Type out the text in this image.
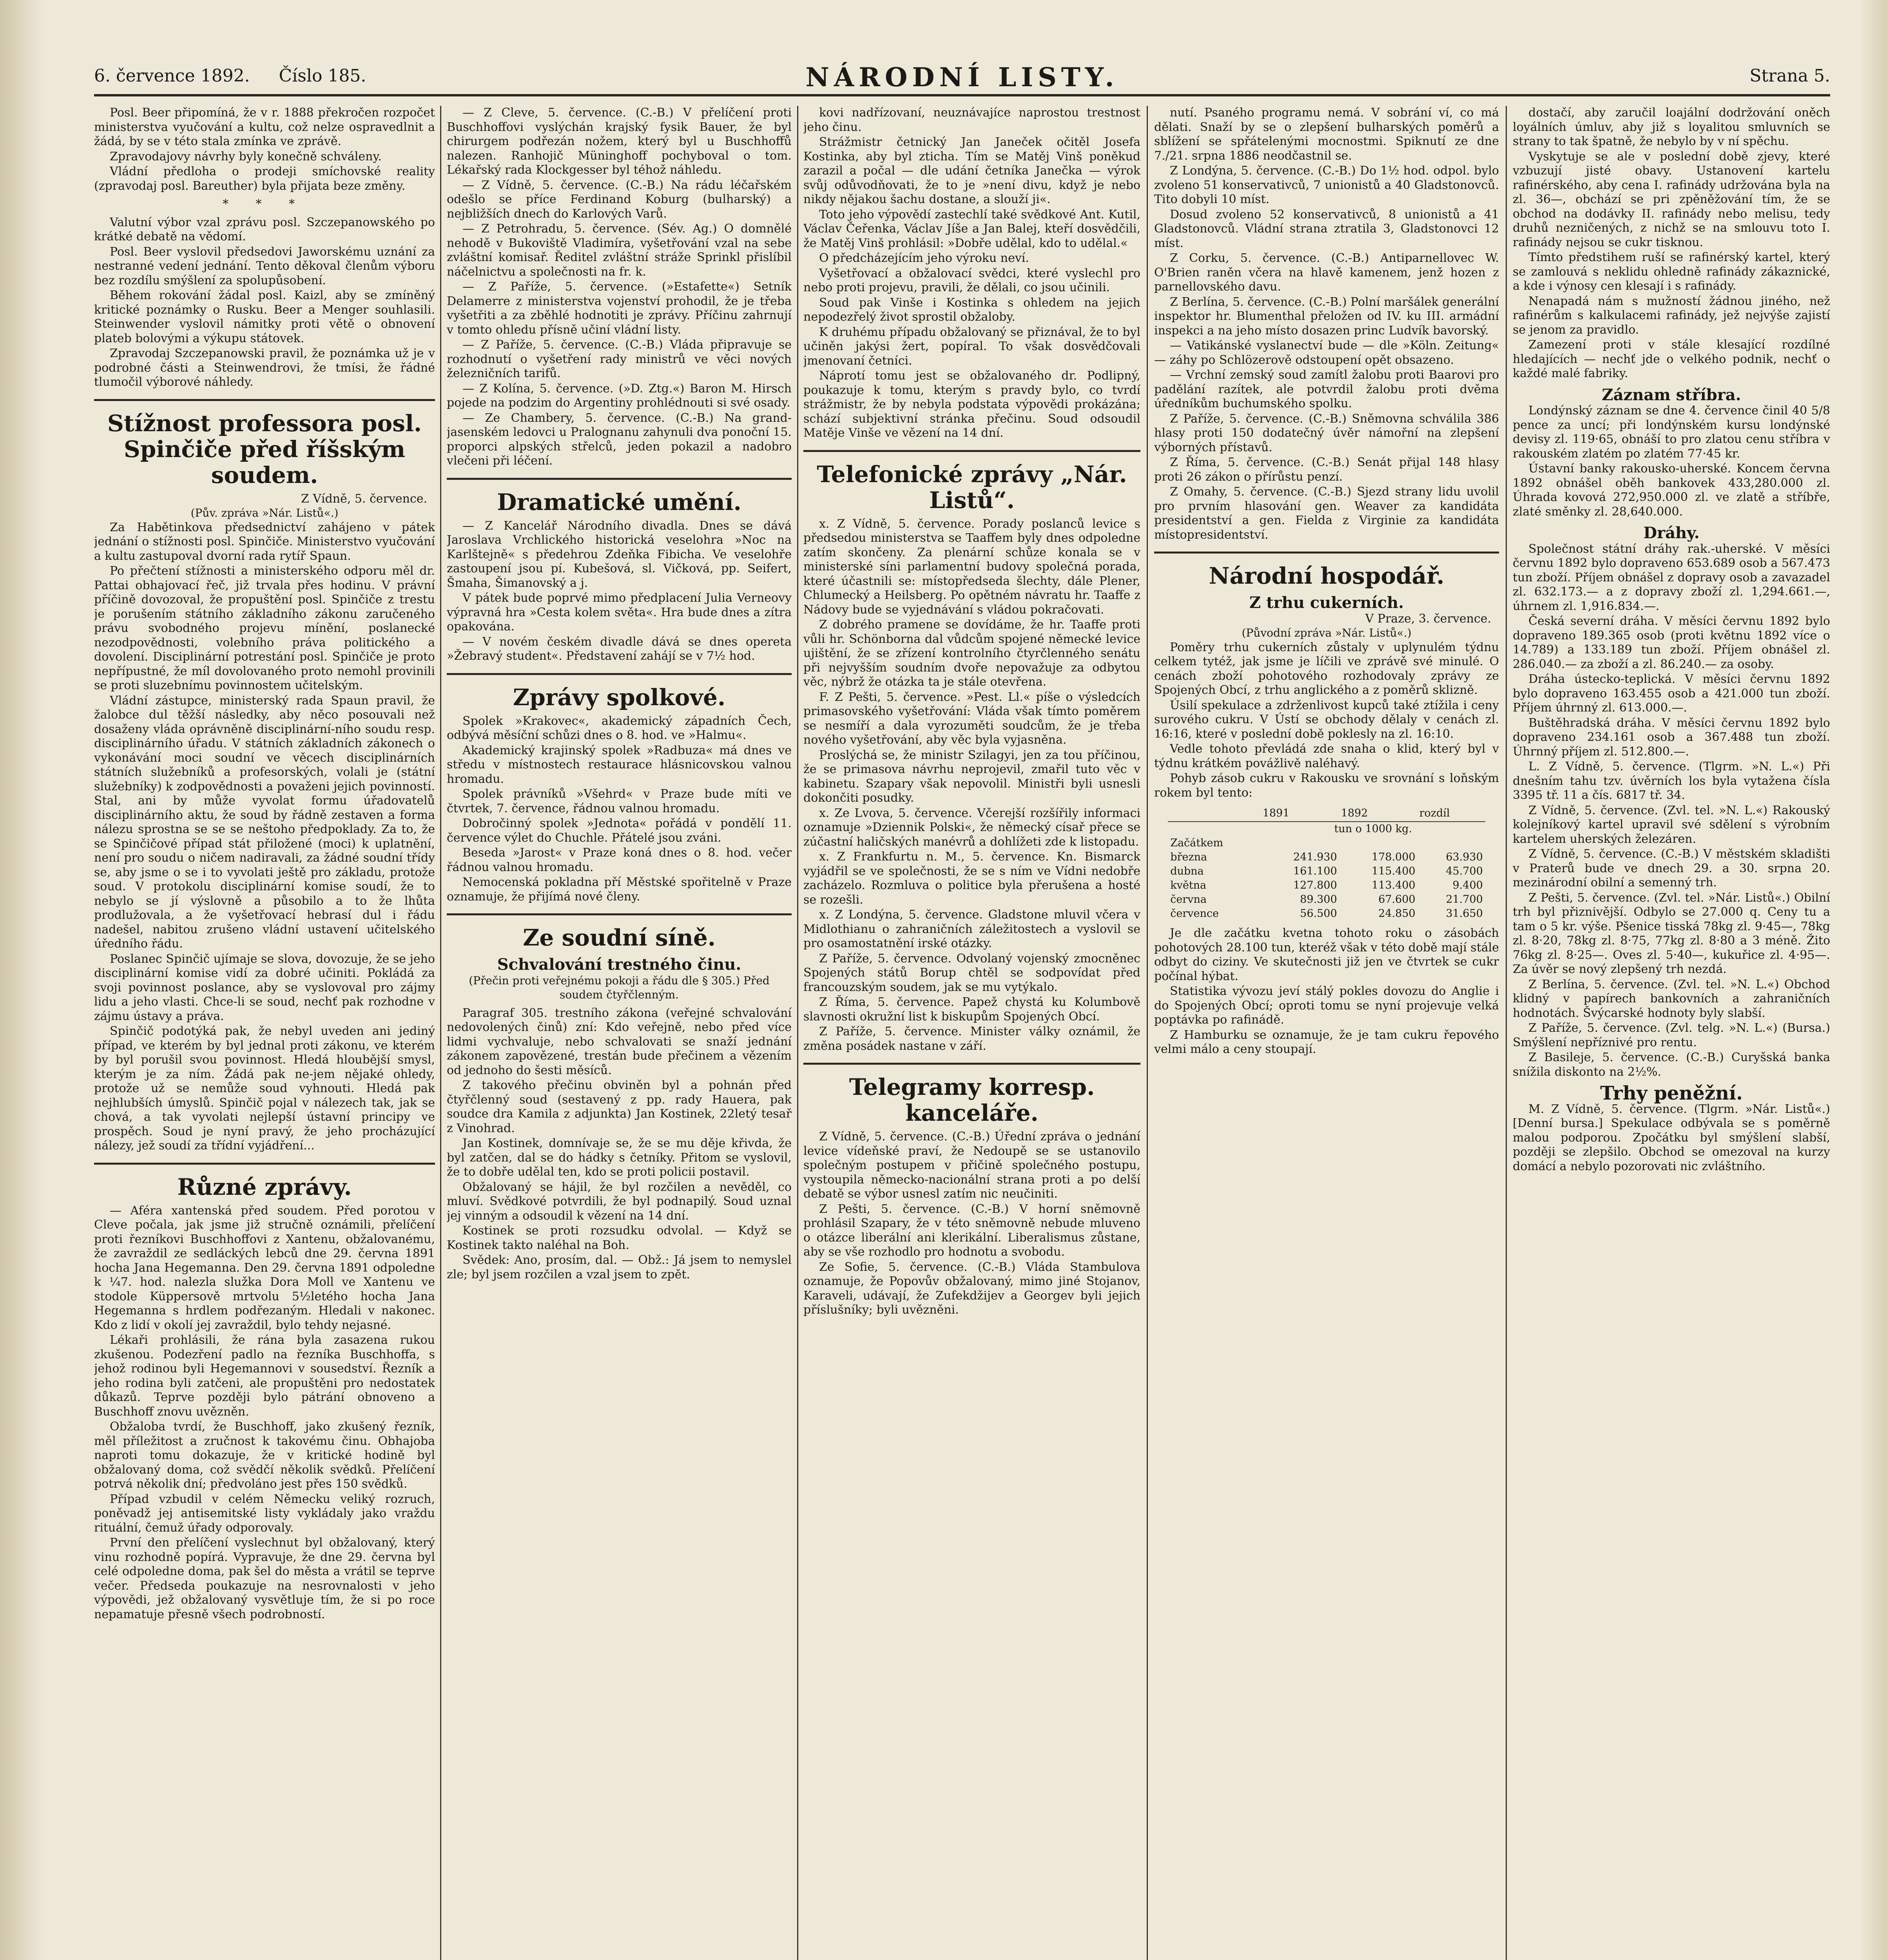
6. července 1892. Číslo 185.	NÁRODNÍ LISTY.	Strana 5.

Posl. Beer připomíná, že v r. 1888 překročen rozpočet ministerstva vyučování a kultu, což nelze ospravedlnit a žádá, by se v této stala zmínka ve zprávě.

Zpravodajovy návrhy byly konečně schváleny.

Vládní předloha o prodeji smíchovské reality (zpravodaj posl. Bareuther) byla přijata beze změny.

* * *

Valutní výbor vzal zprávu posl. Szczepanowského po krátké debatě na vědomí.

Posl. Beer vyslovil předsedovi Jaworskému uznání za nestranné vedení jednání. Tento děkoval členům výboru bez rozdílu smýšlení za spolupůsobení.

Během rokování žádal posl. Kaizl, aby se zmíněný kritické poznámky o Rusku. Beer a Menger souhlasili. Steinwender vyslovil námitky proti větě o obnovení plateb bolovými a výkupu státovek.

Zpravodaj Szczepanowski pravil, že poznámka už je v podrobné části a Steinwendrovi, že tmísi, že řádné tlumočil výborové náhledy.

Stížnost professora posl. Spinčiče před říšským soudem.
Z Vídně, 5. července.
(Pův. zpráva »Nár. Listů«.)

Za Habětinkova předsednictví zahájeno v pátek jednání o stížnosti posl. Spinčiče. Ministerstvo vyučování a kultu zastupoval dvorní rada rytíř Spaun.

Po přečtení stížnosti a ministerského odporu měl dr. Pattai obhajovací řeč, již trvala přes hodinu. V právní příčině dovozoval, že propuštění posl. Spinčiče z trestu je porušením státního základního zákonu zaručeného právu svobodného projevu mínění, poslanecké nezodpovědnosti, volebního práva politického a dovolení. Disciplinární potrestání posl. Spinčiče je proto nepřípustné, že míl dovolovaného proto nemohl provinili se proti sluzebnímu povinnostem učitelským.

Vládní zástupce, ministerský rada Spaun pravil, že žalobce dul těžší následky, aby něco posouvali než dosaženy vláda oprávněně disciplinární-ního soudu resp. disciplinárního úřadu. V státních základních zákonech o vykonávání moci soudní ve věcech disciplinárních státních služebníků a profesorských, volali je (státní služebníky) k zodpovědnosti a považeni jejich povinností. Stal, ani by může vyvolat formu úřadovatelů disciplinárního aktu, že soud by řádně zestaven a forma nálezu sprostna se se se neštoho předpoklady. Za to, že se Spinčičové případ stát přiložené (moci) k uplatnění, není pro soudu o ničem nadiravali, za žádné soudní třídy se, aby jsme o se i to vyvolati ještě pro základu, protože soud. V protokolu disciplinární komise soudí, že to nebylo se jí výslovně a působilo a to že lhůta prodlužovala, a že vyšetřovací hebrasí dul i řádu nadešel, nabitou zrušeno vládní ustavení učitelského úředního řádu.

Poslanec Spinčič ujímaje se slova, dovozuje, že se jeho disciplinární komise vidí za dobré učiniti. Pokládá za svoji povinnost poslance, aby se vyslovoval pro zájmy lidu a jeho vlasti. Chce-li se soud, nechť pak rozhodne v zájmu ústavy a práva.

Spinčič podotýká pak, že nebyl uveden ani jediný případ, ve kterém by byl jednal proti zákonu, ve kterém by byl porušil svou povinnost. Hledá hloubější smysl, kterým je za ním. Žádá pak ne-jem nějaké ohledy, protože už se nemůže soud vyhnouti. Hledá pak nejhlubších úmyslů. Spinčič pojal v nálezech tak, jak se chová, a tak vyvolati nejlepší ústavní principy ve prospěch. Soud je nyní pravý, že jeho procházující nálezy, jež soudí za třídní vyjádření...

Různé zprávy.

— Aféra xantenská před soudem. Před porotou v Cleve počala, jak jsme již stručně oznámili, přelíčení proti řezníkovi Buschhoffovi z Xantenu, obžalovanému, že zavraždil ze sedláckých lebců dne 29. června 1891 hocha Jana Hegemanna. Den 29. června 1891 odpoledne k ¼7. hod. nalezla služka Dora Moll ve Xantenu ve stodole Küppersově mrtvolu 5½letého hocha Jana Hegemanna s hrdlem podřezaným. Hledali v nakonec. Kdo z lidí v okolí jej zavraždil, bylo tehdy nejasné.

Lékaři prohlásili, že rána byla zasazena rukou zkušenou. Podezření padlo na řezníka Buschhoffa, s jehož rodinou byli Hegemannovi v sousedství. Řezník a jeho rodina byli zatčeni, ale propuštěni pro nedostatek důkazů. Teprve později bylo pátrání obnoveno a Buschhoff znovu uvězněn.

Obžaloba tvrdí, že Buschhoff, jako zkušený řezník, měl příležitost a zručnost k takovému činu. Obhajoba naproti tomu dokazuje, že v kritické hodině byl obžalovaný doma, což svědčí několik svědků. Přelíčení potrvá několik dní; předvoláno jest přes 150 svědků.

Případ vzbudil v celém Německu veliký rozruch, poněvadž jej antisemitské listy vykládaly jako vraždu rituální, čemuž úřady odporovaly.

První den přelíčení vyslechnut byl obžalovaný, který vinu rozhodně popírá. Vypravuje, že dne 29. června byl celé odpoledne doma, pak šel do města a vrátil se teprve večer. Předseda poukazuje na nesrovnalosti v jeho výpovědi, jež obžalovaný vysvětluje tím, že si po roce nepamatuje přesně všech podrobností.

— Z Cleve, 5. července. (C.-B.) V přelíčení proti Buschhoffovi vyslýchán krajský fysik Bauer, že byl chirurgem podřezán nožem, který byl u Buschhoffů nalezen. Ranhojič Müninghoff pochyboval o tom. Lékařský rada Klockgesser byl téhož náhledu.

— Z Vídně, 5. července. (C.-B.) Na rádu léčařském odešlo se příce Ferdinand Koburg (bulharský) a nejbližších dnech do Karlových Varů.

— Z Petrohradu, 5. července. (Sév. Ag.) O domnělé nehodě v Bukoviště Vladimíra, vyšetřování vzal na sebe zvláštní komisař. Ředitel zvláštní stráže Sprinkl přislíbil náčelnictvu a společnosti na fr. k.

— Z Paříže, 5. července. (»Estafette«) Setník Delamerre z ministerstva vojenství prohodil, že je třeba vyšetřiti a za zběhlé hodnotiti je zprávy. Příčinu zahrnují v tomto ohledu přísně učiní vládní listy.

— Z Paříže, 5. července. (C.-B.) Vláda připravuje se rozhodnutí o vyšetření rady ministrů ve věci nových železničních tarifů.

— Z Kolína, 5. července. (»D. Ztg.«) Baron M. Hirsch pojede na podzim do Argentiny prohlédnouti si své osady.

— Ze Chambery, 5. července. (C.-B.) Na grand-jasenském ledovci u Pralognanu zahynuli dva ponoční 15. proporci alpských střelců, jeden pokazil a nadobro vlečeni při léčení.

Dramatické umění.

— Z Kancelář Národního divadla. Dnes se dává Jaroslava Vrchlického historická veselohra »Noc na Karlštejně« s předehrou Zdeňka Fibicha. Ve veselohře zastoupení jsou pí. Kubešová, sl. Vičková, pp. Seifert, Šmaha, Šimanovský a j.

V pátek bude poprvé mimo předplacení Julia Verneovy výpravná hra »Cesta kolem světa«. Hra bude dnes a zítra opakována.

— V novém českém divadle dává se dnes opereta »Žebravý student«. Představení zahájí se v 7½ hod.

Zprávy spolkové.

Spolek »Krakovec«, akademický západních Čech, odbývá měsíční schůzi dnes o 8. hod. ve »Halmu«.

Akademický krajinský spolek »Radbuza« má dnes ve středu v místnostech restaurace hlásnicovskou valnou hromadu.

Spolek právníků »Všehrd« v Praze bude míti ve čtvrtek, 7. července, řádnou valnou hromadu.

Dobročinný spolek »Jednota« pořádá v pondělí 11. července výlet do Chuchle. Přátelé jsou zváni.

Beseda »Jarost« v Praze koná dnes o 8. hod. večer řádnou valnou hromadu.

Nemocenská pokladna pří Městské spořitelně v Praze oznamuje, že přijímá nové členy.

Ze soudní síně.
Schvalování trestného činu.
(Přečin proti veřejnému pokoji a řádu dle § 305.) Před soudem čtyřčlenným.

Paragraf 305. trestního zákona (veřejné schvalování nedovolených činů) zní: Kdo veřejně, nebo před více lidmi vychvaluje, nebo schvalovati se snaží jednání zákonem zapovězené, trestán bude přečinem a vězením od jednoho do šesti měsíců.

Z takového přečinu obviněn byl a pohnán před čtyřčlenný soud (sestavený z pp. rady Hauera, pak soudce dra Kamila z adjunkta) Jan Kostinek, 22letý tesař z Vinohrad.

Jan Kostinek, domnívaje se, že se mu děje křivda, že byl zatčen, dal se do hádky s četníky. Přitom se vyslovil, že to dobře udělal ten, kdo se proti policii postavil.

Obžalovaný se hájil, že byl rozčilen a nevěděl, co mluví. Svědkové potvrdili, že byl podnapilý. Soud uznal jej vinným a odsoudil k vězení na 14 dní.

Kostinek se proti rozsudku odvolal. — Když se Kostinek takto naléhal na Boh.

Svědek: Ano, prosím, dal. — Obž.: Já jsem to nemyslel zle; byl jsem rozčilen a vzal jsem to zpět.

kovi nadřízovaní, neuznávajíce naprostou trestnost jeho činu.

Strážmistr četnický Jan Janeček očitěl Josefa Kostinka, aby byl zticha. Tím se Matěj Vinš poněkud zarazil a počal — dle udání četníka Janečka — výrok svůj odůvodňovati, že to je »není divu, když je nebo nikdy nějakou šachu dostane, a slouží ji«.

Toto jeho výpovědí zastechlí také svědkové Ant. Kutil, Václav Čeřenka, Václav Jíše a Jan Balej, kteří dosvědčili, že Matěj Vinš prohlásil: »Dobře udělal, kdo to udělal.«

O předcházejícím jeho výroku neví.

Vyšetřovací a obžalovací svědci, které vyslechl pro nebo proti projevu, pravili, že dělali, co jsou učinili.

Soud pak Vinše i Kostinka s ohledem na jejich nepodezřelý život sprostil obžaloby.

K druhému případu obžalovaný se přiznával, že to byl učiněn jakýsi žert, popíral. To však dosvědčovali jmenovaní četníci.

Náprotí tomu jest se obžalovaného dr. Podlipný, poukazuje k tomu, kterým s pravdy bylo, co tvrdí strážmistr, že by nebyla podstata výpovědi prokázána; schází subjektivní stránka přečinu. Soud odsoudil Matěje Vinše ve vězení na 14 dní.

Telefonické zprávy „Nár. Listů“.

x. Z Vídně, 5. července. Porady poslanců levice s předsedou ministerstva se Taaffem byly dnes odpoledne zatím skončeny. Za plenární schůze konala se v ministerské síni parlamentní budovy společná porada, které účastnili se: místopředseda šlechty, dále Plener, Chlumecký a Heilsberg. Po opětném návratu hr. Taaffe z Nádovy bude se vyjednávání s vládou pokračovati.

Z dobrého pramene se dovídáme, že hr. Taaffe proti vůli hr. Schönborna dal vůdcům spojené německé levice ujištění, že se zřízení kontrolního čtyrčlenného senátu při nejvyšším soudním dvoře nepovažuje za odbytou věc, nýbrž že otázka ta je stále otevřena.

F. Z Pešti, 5. července. »Pest. Ll.« píše o výsledcích primasovského vyšetřování: Vláda však tímto poměrem se nesmíří a dala vyrozuměti soudcům, že je třeba nového vyšetřování, aby věc byla vyjasněna.

Proslýchá se, že ministr Szilagyi, jen za tou příčinou, že se primasova návrhu neprojevil, zmařil tuto věc v kabinetu. Szapary však nepovolil. Ministři byli usnesli dokončiti posudky.

x. Ze Lvova, 5. července. Včerejší rozšířily informaci oznamuje »Dziennik Polski«, že německý císař přece se zúčastní haličských manévrů a dohlížeti zde k listopadu.

x. Z Frankfurtu n. M., 5. července. Kn. Bismarck vyjádřil se ve společnosti, že se s ním ve Vídni nedobře zacházelo. Rozmluva o politice byla přerušena a hosté se rozešli.

x. Z Londýna, 5. července. Gladstone mluvil včera v Midlothianu o zahraničních záležitostech a vyslovil se pro osamostatnění irské otázky.

Z Paříže, 5. července. Odvolaný vojenský zmocněnec Spojených států Borup chtěl se sodpovídat před francouzským soudem, jak se mu vytýkalo.

Z Říma, 5. července. Papež chystá ku Kolumbově slavnosti okružní list k biskupům Spojených Obcí.

Z Paříže, 5. července. Minister války oznámil, že změna posádek nastane v září.

Telegramy korresp. kanceláře.

Z Vídně, 5. července. (C.-B.) Úřední zpráva o jednání levice vídeňské praví, že Nedoupě se se ustanovilo společným postupem v přičině společného postupu, vystoupila německo-nacionální strana proti a po delší debatě se výbor usnesl zatím nic neučiniti.

Z Pešti, 5. července. (C.-B.) V horní sněmovně prohlásil Szapary, že v této sněmovně nebude mluveno o otázce liberální ani klerikální. Liberalismus zůstane, aby se vše rozhodlo pro hodnotu a svobodu.

Ze Sofie, 5. července. (C.-B.) Vláda Stambulova oznamuje, že Popovův obžalovaný, mimo jiné Stojanov, Karaveli, udávají, že Zufekdžijev a Georgev byli jejich příslušníky; byli uvězněni.

nutí. Psaného programu nemá. V sobrání ví, co má dělati. Snaží by se o zlepšení bulharských poměrů a sblížení se spřátelenými mocnostmi. Spiknutí ze dne 7./21. srpna 1886 neodčastnil se.

Z Londýna, 5. července. (C.-B.) Do 1½ hod. odpol. bylo zvoleno 51 konservativců, 7 unionistů a 40 Gladstonovců. Tito dobyli 10 míst.

Dosud zvoleno 52 konservativců, 8 unionistů a 41 Gladstonovců. Vládní strana ztratila 3, Gladstonovci 12 míst.

Z Corku, 5. července. (C.-B.) Antiparnellovec W. O'Brien raněn včera na hlavě kamenem, jenž hozen z parnellovského davu.

Z Berlína, 5. července. (C.-B.) Polní maršálek generální inspektor hr. Blumenthal přeložen od IV. ku III. armádní inspekci a na jeho místo dosazen princ Ludvík bavorský.

— Vatikánské vyslanectví bude — dle »Köln. Zeitung« — záhy po Schlözerově odstoupení opět obsazeno.

— Vrchní zemský soud zamítl žalobu proti Baarovi pro padělání razítek, ale potvrdil žalobu proti dvěma úředníkům buchumského spolku.

Z Paříže, 5. července. (C.-B.) Sněmovna schválila 386 hlasy proti 150 dodatečný úvěr námořní na zlepšení výborných přístavů.

Z Říma, 5. července. (C.-B.) Senát přijal 148 hlasy proti 26 zákon o přírůstu penzí.

Z Omahy, 5. července. (C.-B.) Sjezd strany lidu uvolil pro prvním hlasování gen. Weaver za kandidáta presidentství a gen. Fielda z Virginie za kandidáta místopresidentství.

Národní hospodář.
Z trhu cukerních.
V Praze, 3. července.
(Původní zpráva »Nár. Listů«.)

Poměry trhu cukerních zůstaly v uplynulém týdnu celkem tytéž, jak jsme je líčili ve zprávě své minulé. O cenách zboží pohotového rozhodovaly zprávy ze Spojených Obcí, z trhu anglického a z poměrů sklizně.

Úsilí spekulace a zdrženlivost kupců také ztížila i ceny surového cukru. V Ústí se obchody dělaly v cenách zl. 16:16, které v poslední době poklesly na zl. 16:10.

Vedle tohoto převládá zde snaha o klid, který byl v týdnu krátkém povážlivě naléhavý.

Pohyb zásob cukru v Rakousku ve srovnání s loňským rokem byl tento:

	1891	1892	rozdíl
	tun o 1000 kg.		
Začátkem			
března	241.930	178.000	63.930
dubna	161.100	115.400	45.700
května	127.800	113.400	9.400
června	89.300	67.600	21.700
července	56.500	24.850	31.650

Je dle začátku kvetna tohoto roku o zásobách pohotových 28.100 tun, kteréž však v této době mají stále odbyt do ciziny. Ve skutečnosti již jen ve čtvrtek se cukr počínal hýbat.

Statistika vývozu jeví stálý pokles dovozu do Anglie i do Spojených Obcí; oproti tomu se nyní projevuje velká poptávka po rafinádě.

Z Hamburku se oznamuje, že je tam cukru řepového velmi málo a ceny stoupají.

dostačí, aby zaručil loajální dodržování oněch loyálních úmluv, aby již s loyalitou smluvních se strany to tak špatně, že nebylo by v ní spěchu.

Vyskytuje se ale v poslední době zjevy, které vzbuzují jisté obavy. Ustanovení kartelu rafinérského, aby cena I. rafinády udržována byla na zl. 36—, obchází se pri zpěněžování tím, že se obchod na dodávky II. rafinády nebo melisu, tedy druhů nezničených, z nichž se na smlouvu toto I. rafinády nejsou se cukr tisknou.

Tímto předstihem ruší se rafinérský kartel, který se zamlouvá s neklidu ohledně rafinády zákaznické, a kde i výnosy cen klesají i s rafinády.

Nenapadá nám s mužností žádnou jiného, než rafinérům s kalkulacemi rafinády, jež nejvýše zajistí se jenom za pravidlo.

Zamezení proti v stále klesající rozdílné hledajících — nechť jde o velkého podnik, nechť o každé malé fabriky.

Záznam stříbra.

Londýnský záznam se dne 4. července činil 40 5/8 pence za uncí; při londýnském kursu londýnské devisy zl. 119·65, obnáší to pro zlatou cenu stříbra v rakouském zlatém po zlatém 77·45 kr.

Ústavní banky rakousko-uherské. Koncem června 1892 obnášel oběh bankovek 433,280.000 zl. Úhrada kovová 272,950.000 zl. ve zlatě a stříbře, zlaté směnky zl. 28,640.000.

Dráhy.

Společnost státní dráhy rak.-uherské. V měsíci červnu 1892 bylo dopraveno 653.689 osob a 567.473 tun zboží. Příjem obnášel z dopravy osob a zavazadel zl. 632.173.— a z dopravy zboží zl. 1,294.661.—, úhrnem zl. 1,916.834.—.

Česká severní dráha. V měsíci červnu 1892 bylo dopraveno 189.365 osob (proti květnu 1892 více o 14.789) a 133.189 tun zboží. Příjem obnášel zl. 286.040.— za zboží a zl. 86.240.— za osoby.

Dráha ústecko-teplická. V měsíci červnu 1892 bylo dopraveno 163.455 osob a 421.000 tun zboží. Příjem úhrnný zl. 613.000.—.

Buštěhradská dráha. V měsíci červnu 1892 bylo dopraveno 234.161 osob a 367.488 tun zboží. Úhrnný příjem zl. 512.800.—.

L. Z Vídně, 5. července. (Tlgrm. »N. L.«) Při dnešním tahu tzv. úvěrních los byla vytažena čísla 3395 tř. 11 a čís. 6817 tř. 34.

Z Vídně, 5. července. (Zvl. tel. »N. L.«) Rakouský kolejníkový kartel upravil své sdělení s výrobním kartelem uherských železáren.

Z Vídně, 5. července. (C.-B.) V městském skladišti v Praterů bude ve dnech 29. a 30. srpna 20. mezinárodní obilní a semenný trh.

Z Pešti, 5. července. (Zvl. tel. »Nár. Listů«.) Obilní trh byl přiznivější. Odbylo se 27.000 q. Ceny tu a tam o 5 kr. výše. Pšenice tisská 78kg zl. 9·45—, 78kg zl. 8·20, 78kg zl. 8·75, 77kg zl. 8·80 a 3 méně. Žito 76kg zl. 8·25—. Oves zl. 5·40—, kukuřice zl. 4·95—. Za úvěr se nový zlepšený trh nezdá.

Z Berlína, 5. července. (Zvl. tel. »N. L.«) Obchod klidný v papírech bankovních a zahraničních hodnotách. Švýcarské hodnoty byly slabší.

Z Paříže, 5. července. (Zvl. telg. »N. L.«) (Bursa.) Smýšlení nepříznivé pro rentu.

Z Basileje, 5. července. (C.-B.) Curyšská banka snížila diskonto na 2½%.

Trhy peněžní.

M. Z Vídně, 5. července. (Tlgrm. »Nár. Listů«.) [Denní bursa.] Spekulace odbývala se s poměrně malou podporou. Zpočátku byl smýšlení slabší, později se zlepšilo. Obchod se omezoval na kurzy domácí a nebylo pozorovati nic zvláštního.
